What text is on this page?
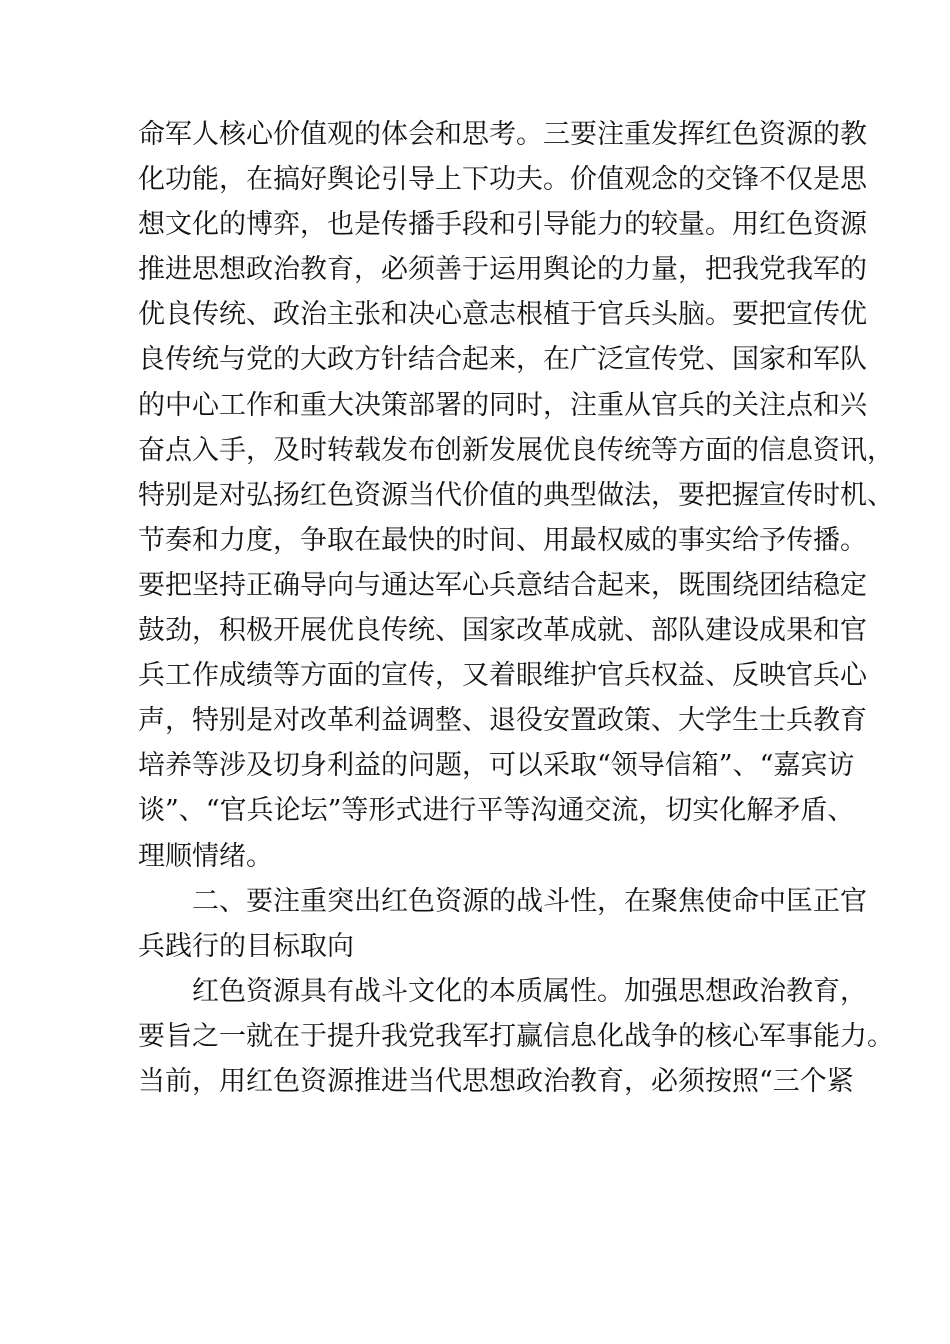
命军人核心价值观的体会和思考。三要注重发挥红色资源的教
化功能，在搞好舆论引导上下功夫。价值观念的交锋不仅是思
想文化的博弈，也是传播手段和引导能力的较量。用红色资源
推进思想政治教育，必须善于运用舆论的力量，把我党我军的
优良传统、政治主张和决心意志根植于官兵头脑。要把宣传优
良传统与党的大政方针结合起来，在广泛宣传党、国家和军队
的中心工作和重大决策部署的同时，注重从官兵的关注点和兴
奋点入手，及时转载发布创新发展优良传统等方面的信息资讯，
特别是对弘扬红色资源当代价值的典型做法，要把握宣传时机、
节奏和力度，争取在最快的时间、用最权威的事实给予传播。
要把坚持正确导向与通达军心兵意结合起来，既围绕团结稳定
鼓劲，积极开展优良传统、国家改革成就、部队建设成果和官
兵工作成绩等方面的宣传，又着眼维护官兵权益、反映官兵心
声，特别是对改革利益调整、退役安置政策、大学生士兵教育
培养等涉及切身利益的问题，可以采取“领导信箱”、“嘉宾访
谈”、“官兵论坛”等形式进行平等沟通交流，切实化解矛盾、
理顺情绪。
二、要注重突出红色资源的战斗性，在聚焦使命中匡正官
兵践行的目标取向
红色资源具有战斗文化的本质属性。加强思想政治教育，
要旨之一就在于提升我党我军打赢信息化战争的核心军事能力。
当前，用红色资源推进当代思想政治教育，必须按照“三个紧
